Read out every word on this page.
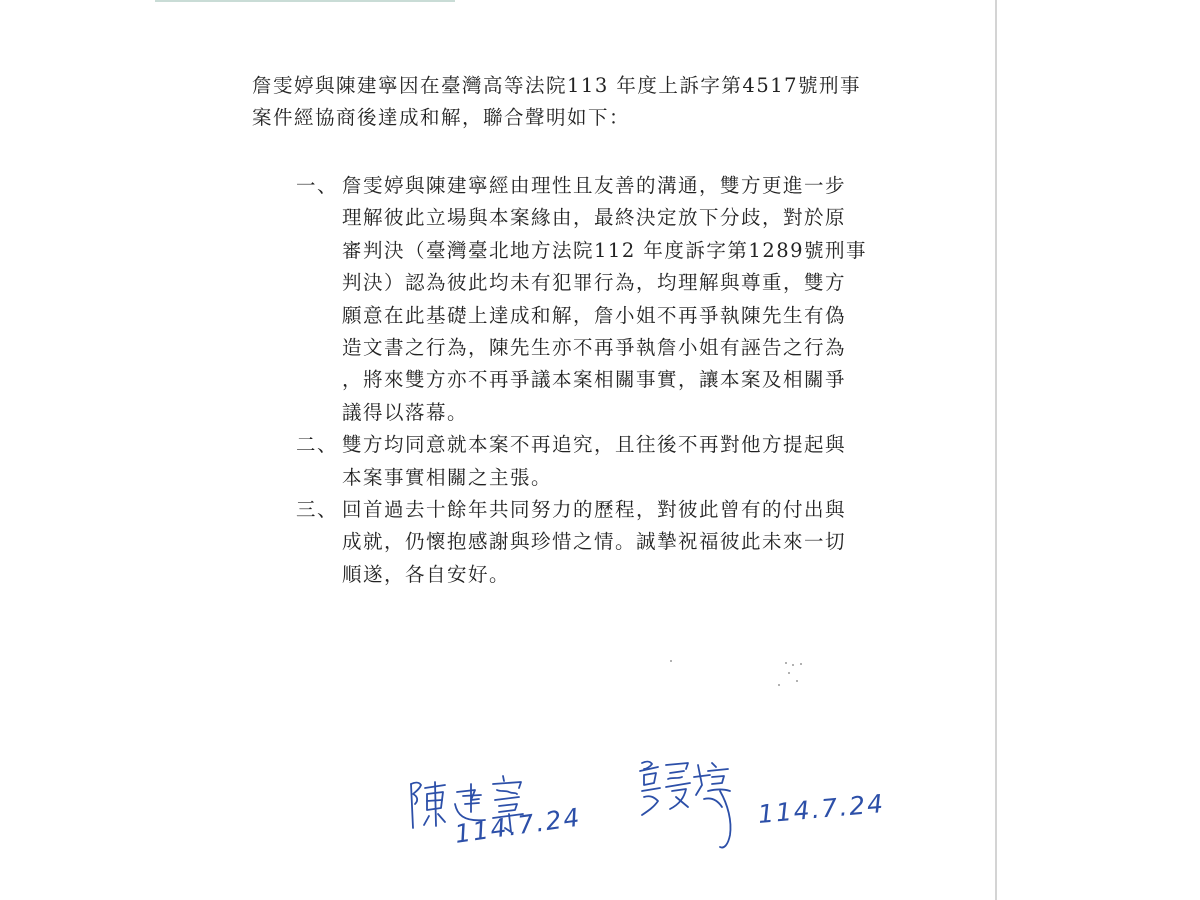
詹雯婷與陳建寧因在臺灣高等法院113 年度上訴字第4517號刑事
案件經協商後達成和解，聯合聲明如下：

一、 詹雯婷與陳建寧經由理性且友善的溝通，雙方更進一步
理解彼此立場與本案緣由，最終決定放下分歧，對於原
審判決（臺灣臺北地方法院112 年度訴字第1289號刑事
判決）認為彼此均未有犯罪行為，均理解與尊重，雙方
願意在此基礎上達成和解，詹小姐不再爭執陳先生有偽
造文書之行為，陳先生亦不再爭執詹小姐有誣告之行為
，將來雙方亦不再爭議本案相關事實，讓本案及相關爭
議得以落幕。
二、 雙方均同意就本案不再追究，且往後不再對他方提起與
本案事實相關之主張。
三、 回首過去十餘年共同努力的歷程，對彼此曾有的付出與
成就，仍懷抱感謝與珍惜之情。誠摯祝福彼此未來一切
順遂，各自安好。
114.7.24	114.7.24
